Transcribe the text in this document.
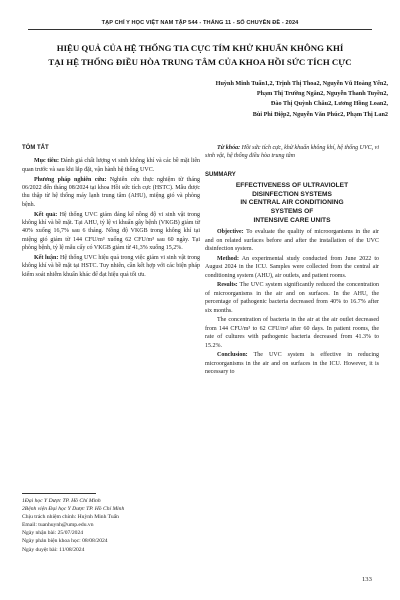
TẠP CHÍ Y HỌC VIỆT NAM TẬP 544 - THÁNG 11 - SỐ CHUYÊN ĐỀ - 2024
HIỆU QUẢ CỦA HỆ THỐNG TIA CỰC TÍM KHỬ KHUẨN KHÔNG KHÍ
TẠI HỆ THỐNG ĐIỀU HÒA TRUNG TÂM CỦA KHOA HỒI SỨC TÍCH CỰC
Huỳnh Minh Tuấn1,2, Trịnh Thị Thoa2, Nguyễn Vũ Hoàng Yến2,
Phạm Thị Trường Ngân2, Nguyễn Thanh Tuyền2,
Đào Thị Quỳnh Châu2, Lương Hồng Loan2,
Bùi Phi Điệp2, Nguyễn Văn Phúc2, Phạm Thị Lan2
TÓM TẮT

Mục tiêu: Đánh giá chất lượng vi sinh không khí và các bề mặt liên quan trước và sau khi lắp đặt, vận hành hệ thống UVC.

Phương pháp nghiên cứu: Nghiên cứu thực nghiệm từ tháng 06/2022 đến tháng 08/2024 tại khoa Hồi sức tích cực (HSTC). Mẫu được thu thập từ hệ thống máy lạnh trung tâm (AHU), miệng gió và phòng bệnh.

Kết quả: Hệ thống UVC giảm đáng kể nồng độ vi sinh vật trong không khí và bề mặt. Tại AHU, tỷ lệ vi khuẩn gây bệnh (VKGB) giảm từ 40% xuống 16,7% sau 6 tháng. Nồng độ VKGB trong không khí tại miệng gió giảm từ 144 CFU/m³ xuống 62 CFU/m³ sau 60 ngày. Tại phòng bệnh, tỷ lệ mẫu cấy có VKGB giảm từ 41,3% xuống 15,2%.

Kết luận: Hệ thống UVC hiệu quả trong việc giảm vi sinh vật trong không khí và bề mặt tại HSTC. Tuy nhiên, cần kết hợp với các biện pháp kiểm soát nhiễm khuẩn khác để đạt hiệu quả tối ưu.

Từ khóa: Hồi sức tích cực, khử khuẩn không khí, hệ thống UVC, vi sinh vật, hệ thống điều hòa trung tâm

SUMMARY
EFFECTIVENESS OF ULTRAVIOLET
DISINFECTION SYSTEMS
IN CENTRAL AIR CONDITIONING
SYSTEMS OF
INTENSIVE CARE UNITS

Objective: To evaluate the quality of microorganisms in the air and on related surfaces before and after the installation of the UVC disinfection system.

Method: An experimental study conducted from June 2022 to August 2024 in the ICU. Samples were collected from the central air conditioning system (AHU), air outlets, and patient rooms.

Results: The UVC system significantly reduced the concentration of microorganisms in the air and on surfaces. In the AHU, the percentage of pathogenic bacteria decreased from 40% to 16.7% after six months.

The concentration of bacteria in the air at the air outlet decreased from 144 CFU/m³ to 62 CFU/m³ after 60 days. In patient rooms, the rate of cultures with pathogenic bacteria decreased from 41.3% to 15.2%.

Conclusion: The UVC system is effective in reducing microorganisms in the air and on surfaces in the ICU. However, it is necessary to

1Đại học Y Dược TP. Hồ Chí Minh
2Bệnh viện Đại học Y Dược TP. Hồ Chí Minh
Chịu trách nhiệm chính: Huỳnh Minh Tuấn
Email: tuanhuynh@ump.edu.vn
Ngày nhận bài: 25/07/2024
Ngày phản biện khoa học: 08/08/2024
Ngày duyệt bài: 11/08/2024
133
